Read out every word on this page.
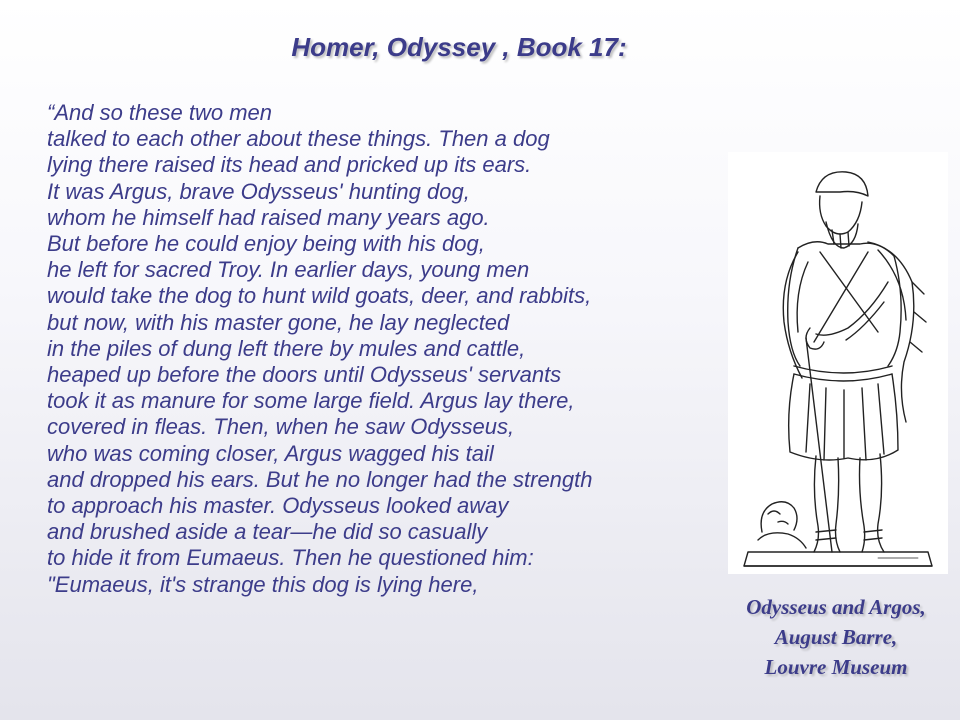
Homer, Odyssey , Book 17:
“And so these two men
talked to each other about these things. Then a dog
lying there raised its head and pricked up its ears.
It was Argus, brave Odysseus' hunting dog,
whom he himself had raised many years ago.
But before he could enjoy being with his dog,
he left for sacred Troy. In earlier days, young men
would take the dog to hunt wild goats, deer, and rabbits,
but now, with his master gone, he lay neglected
in the piles of dung left there by mules and cattle,
heaped up before the doors until Odysseus' servants
took it as manure for some large field. Argus lay there,
covered in fleas. Then, when he saw Odysseus,
who was coming closer, Argus wagged his tail
and dropped his ears. But he no longer had the strength
to approach his master. Odysseus looked away
and brushed aside a tear—he did so casually
to hide it from Eumaeus. Then he questioned him:
"Eumaeus, it's strange this dog is lying here,
Odysseus and Argos,
August Barre,
Louvre Museum
